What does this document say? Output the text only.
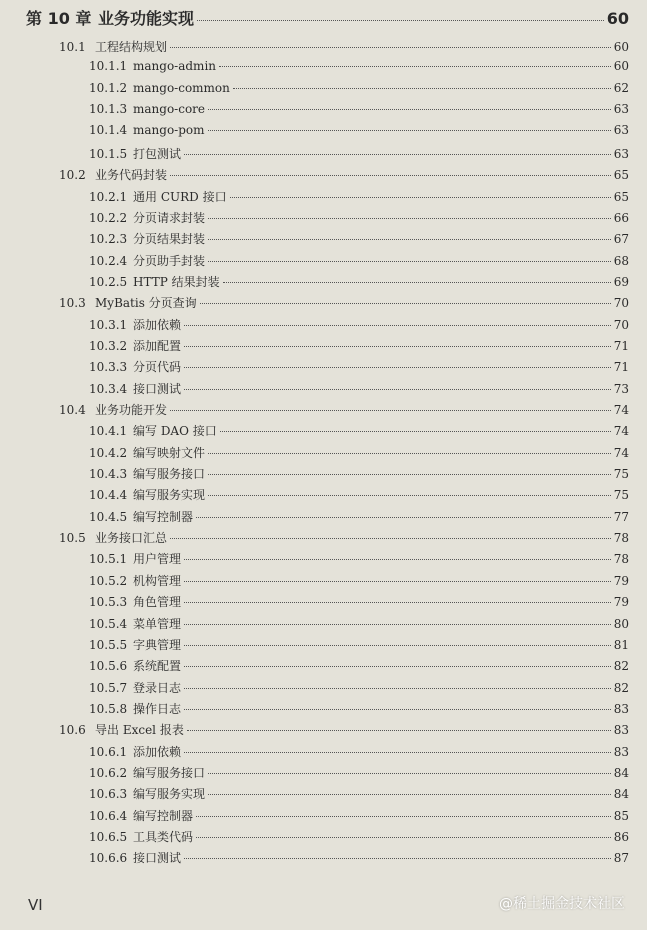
第 10 章 业务功能实现	60
10.1 工程结构规划	60
10.1.1 mango-admin	60
10.1.2 mango-common	62
10.1.3 mango-core	63
10.1.4 mango-pom	63
10.1.5 打包测试	63
10.2 业务代码封装	65
10.2.1 通用 CURD 接口	65
10.2.2 分页请求封装	66
10.2.3 分页结果封装	67
10.2.4 分页助手封装	68
10.2.5 HTTP 结果封装	69
10.3 MyBatis 分页查询	70
10.3.1 添加依赖	70
10.3.2 添加配置	71
10.3.3 分页代码	71
10.3.4 接口测试	73
10.4 业务功能开发	74
10.4.1 编写 DAO 接口	74
10.4.2 编写映射文件	74
10.4.3 编写服务接口	75
10.4.4 编写服务实现	75
10.4.5 编写控制器	77
10.5 业务接口汇总	78
10.5.1 用户管理	78
10.5.2 机构管理	79
10.5.3 角色管理	79
10.5.4 菜单管理	80
10.5.5 字典管理	81
10.5.6 系统配置	82
10.5.7 登录日志	82
10.5.8 操作日志	83
10.6 导出 Excel 报表	83
10.6.1 添加依赖	83
10.6.2 编写服务接口	84
10.6.3 编写服务实现	84
10.6.4 编写控制器	85
10.6.5 工具类代码	86
10.6.6 接口测试	87
VI	@稀土掘金技术社区
